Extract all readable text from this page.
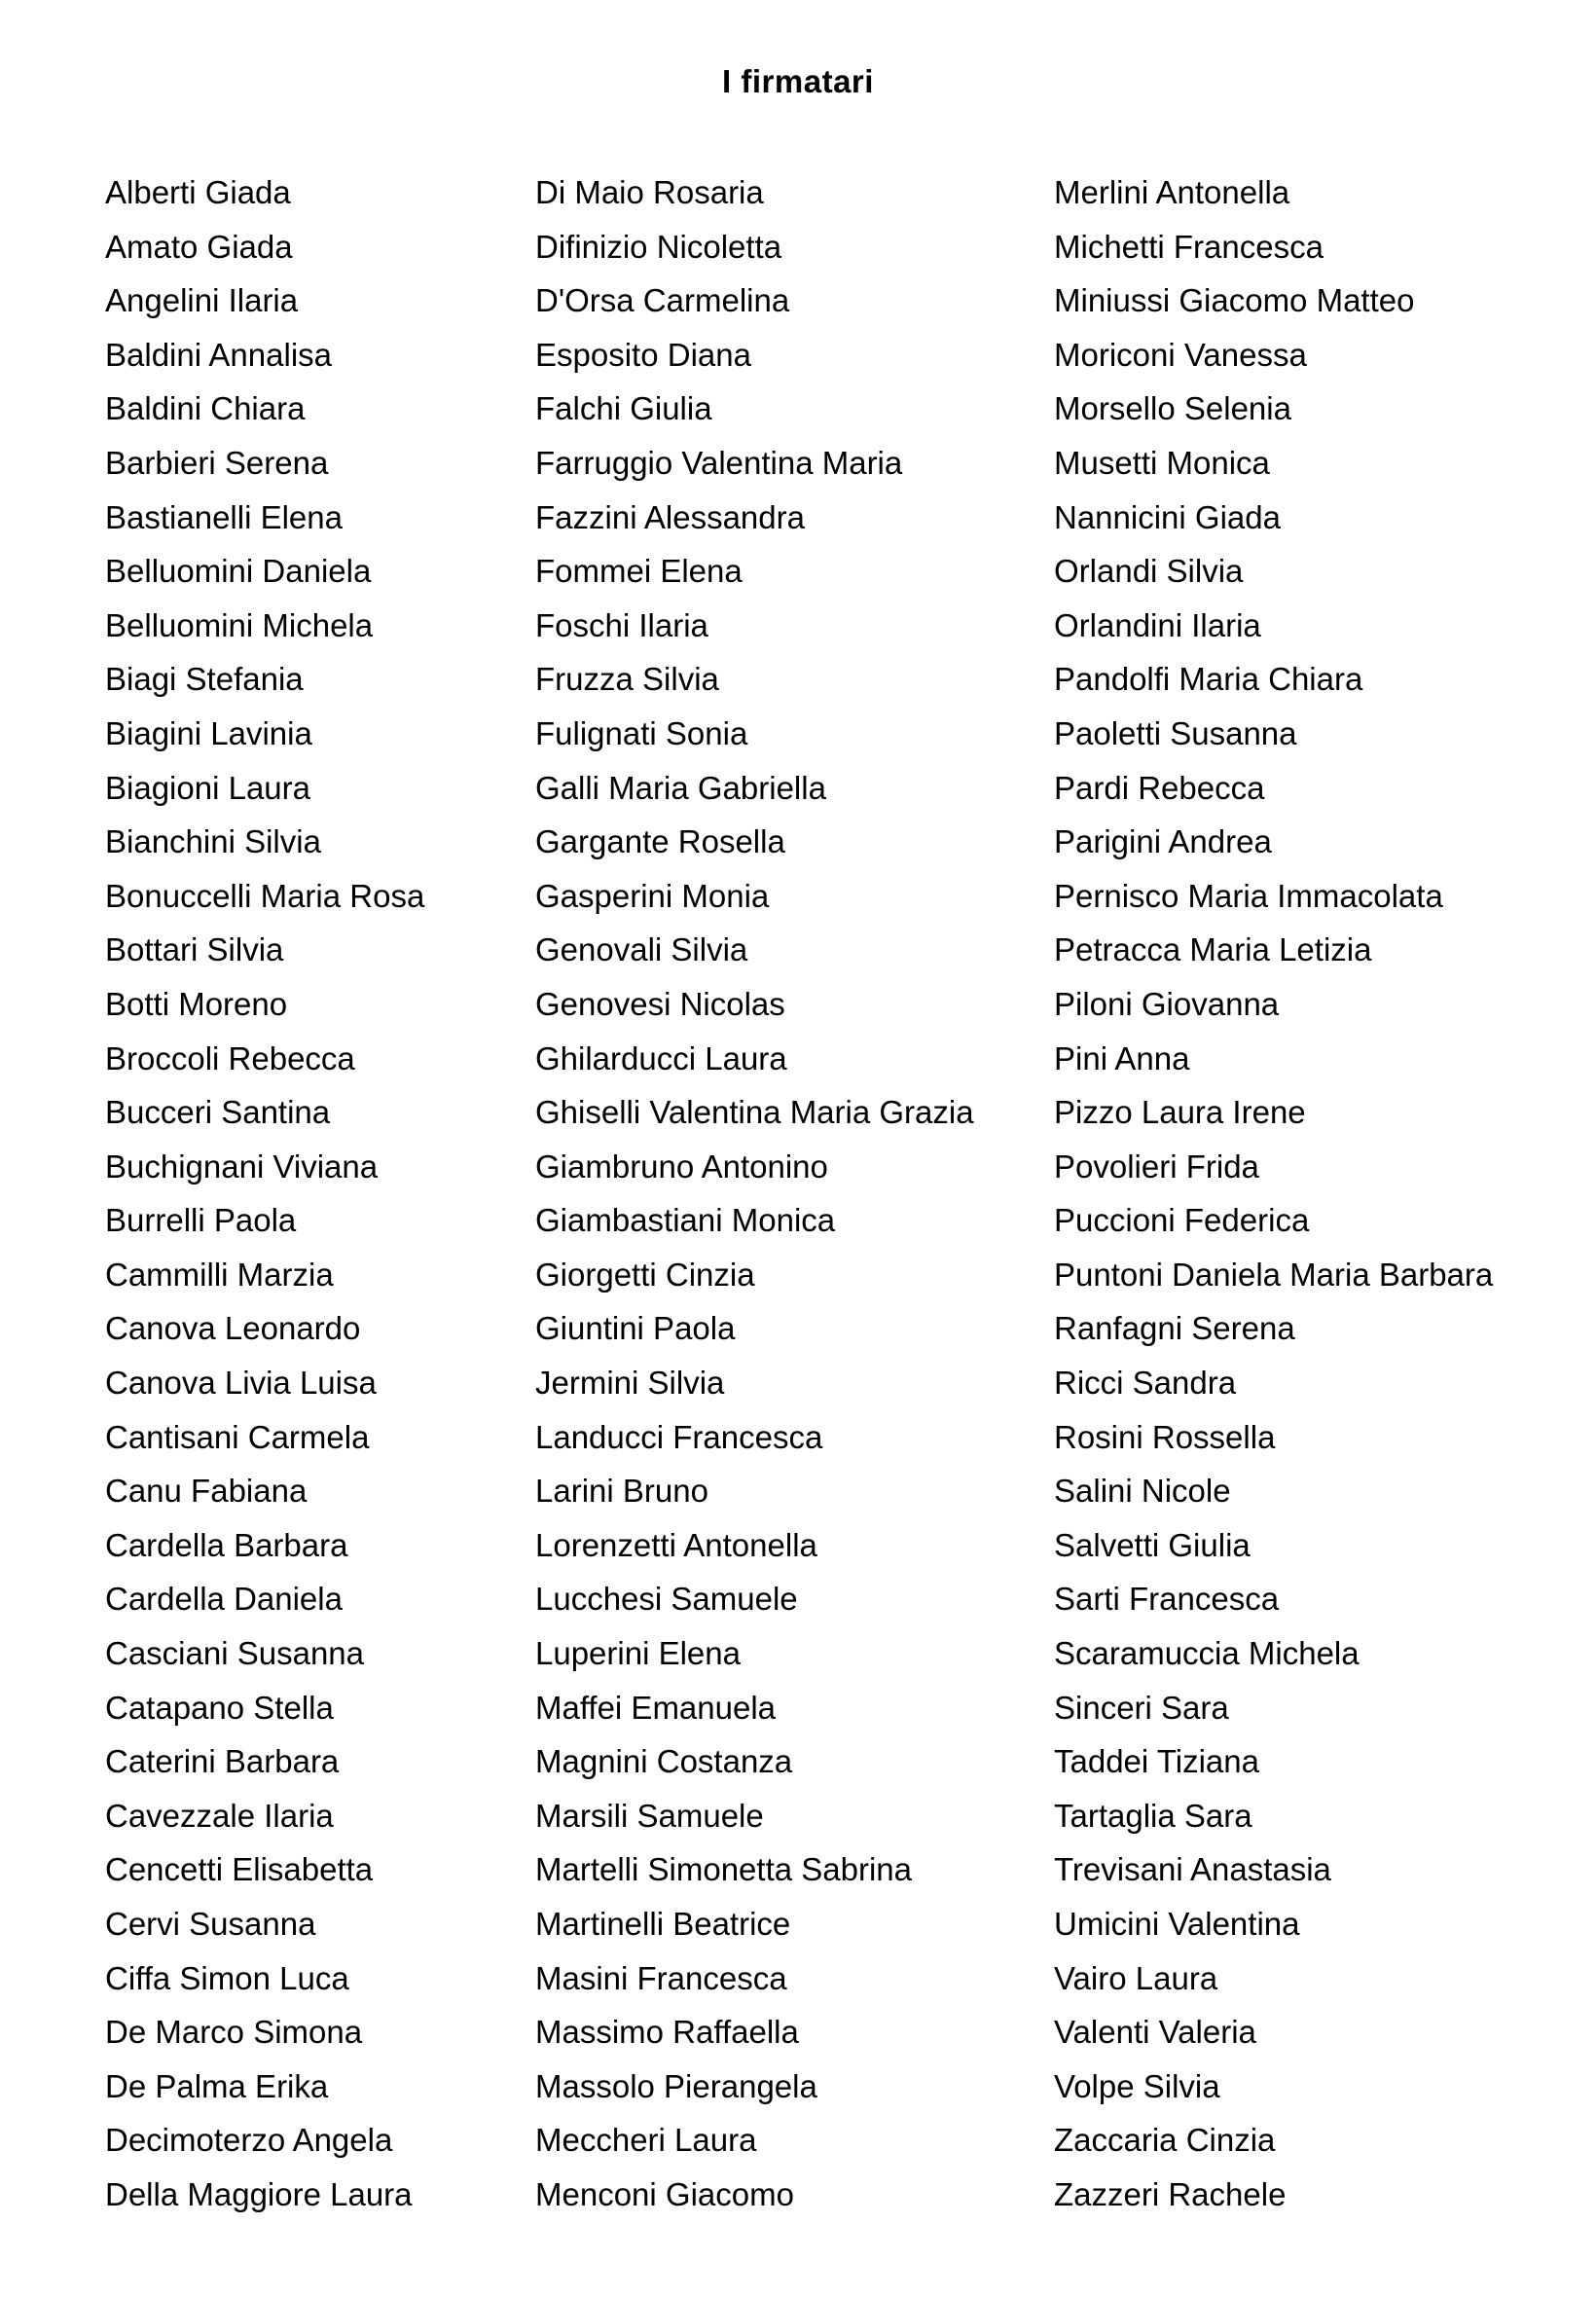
I firmatari
Alberti Giada
Amato Giada
Angelini Ilaria
Baldini Annalisa
Baldini Chiara
Barbieri Serena
Bastianelli Elena
Belluomini Daniela
Belluomini Michela
Biagi Stefania
Biagini Lavinia
Biagioni Laura
Bianchini Silvia
Bonuccelli Maria Rosa
Bottari Silvia
Botti Moreno
Broccoli Rebecca
Bucceri Santina
Buchignani Viviana
Burrelli Paola
Cammilli Marzia
Canova Leonardo
Canova Livia Luisa
Cantisani Carmela
Canu Fabiana
Cardella Barbara
Cardella Daniela
Casciani Susanna
Catapano Stella
Caterini Barbara
Cavezzale Ilaria
Cencetti Elisabetta
Cervi Susanna
Ciffa Simon Luca
De Marco Simona
De Palma Erika
Decimoterzo Angela
Della Maggiore Laura
Di Maio Rosaria
Difinizio Nicoletta
D'Orsa Carmelina
Esposito Diana
Falchi Giulia
Farruggio Valentina Maria
Fazzini Alessandra
Fommei Elena
Foschi Ilaria
Fruzza Silvia
Fulignati Sonia
Galli Maria Gabriella
Gargante Rosella
Gasperini Monia
Genovali Silvia
Genovesi Nicolas
Ghilarducci Laura
Ghiselli Valentina Maria Grazia
Giambruno Antonino
Giambastiani Monica
Giorgetti Cinzia
Giuntini Paola
Jermini Silvia
Landucci Francesca
Larini Bruno
Lorenzetti Antonella
Lucchesi Samuele
Luperini Elena
Maffei Emanuela
Magnini Costanza
Marsili Samuele
Martelli Simonetta Sabrina
Martinelli Beatrice
Masini Francesca
Massimo Raffaella
Massolo Pierangela
Meccheri Laura
Menconi Giacomo
Merlini Antonella
Michetti Francesca
Miniussi Giacomo Matteo
Moriconi Vanessa
Morsello Selenia
Musetti Monica
Nannicini Giada
Orlandi Silvia
Orlandini Ilaria
Pandolfi Maria Chiara
Paoletti Susanna
Pardi Rebecca
Parigini Andrea
Pernisco Maria Immacolata
Petracca Maria Letizia
Piloni Giovanna
Pini Anna
Pizzo Laura Irene
Povolieri Frida
Puccioni Federica
Puntoni Daniela Maria Barbara
Ranfagni Serena
Ricci Sandra
Rosini Rossella
Salini Nicole
Salvetti Giulia
Sarti Francesca
Scaramuccia Michela
Sinceri Sara
Taddei Tiziana
Tartaglia Sara
Trevisani Anastasia
Umicini Valentina
Vairo Laura
Valenti Valeria
Volpe Silvia
Zaccaria Cinzia
Zazzeri Rachele
